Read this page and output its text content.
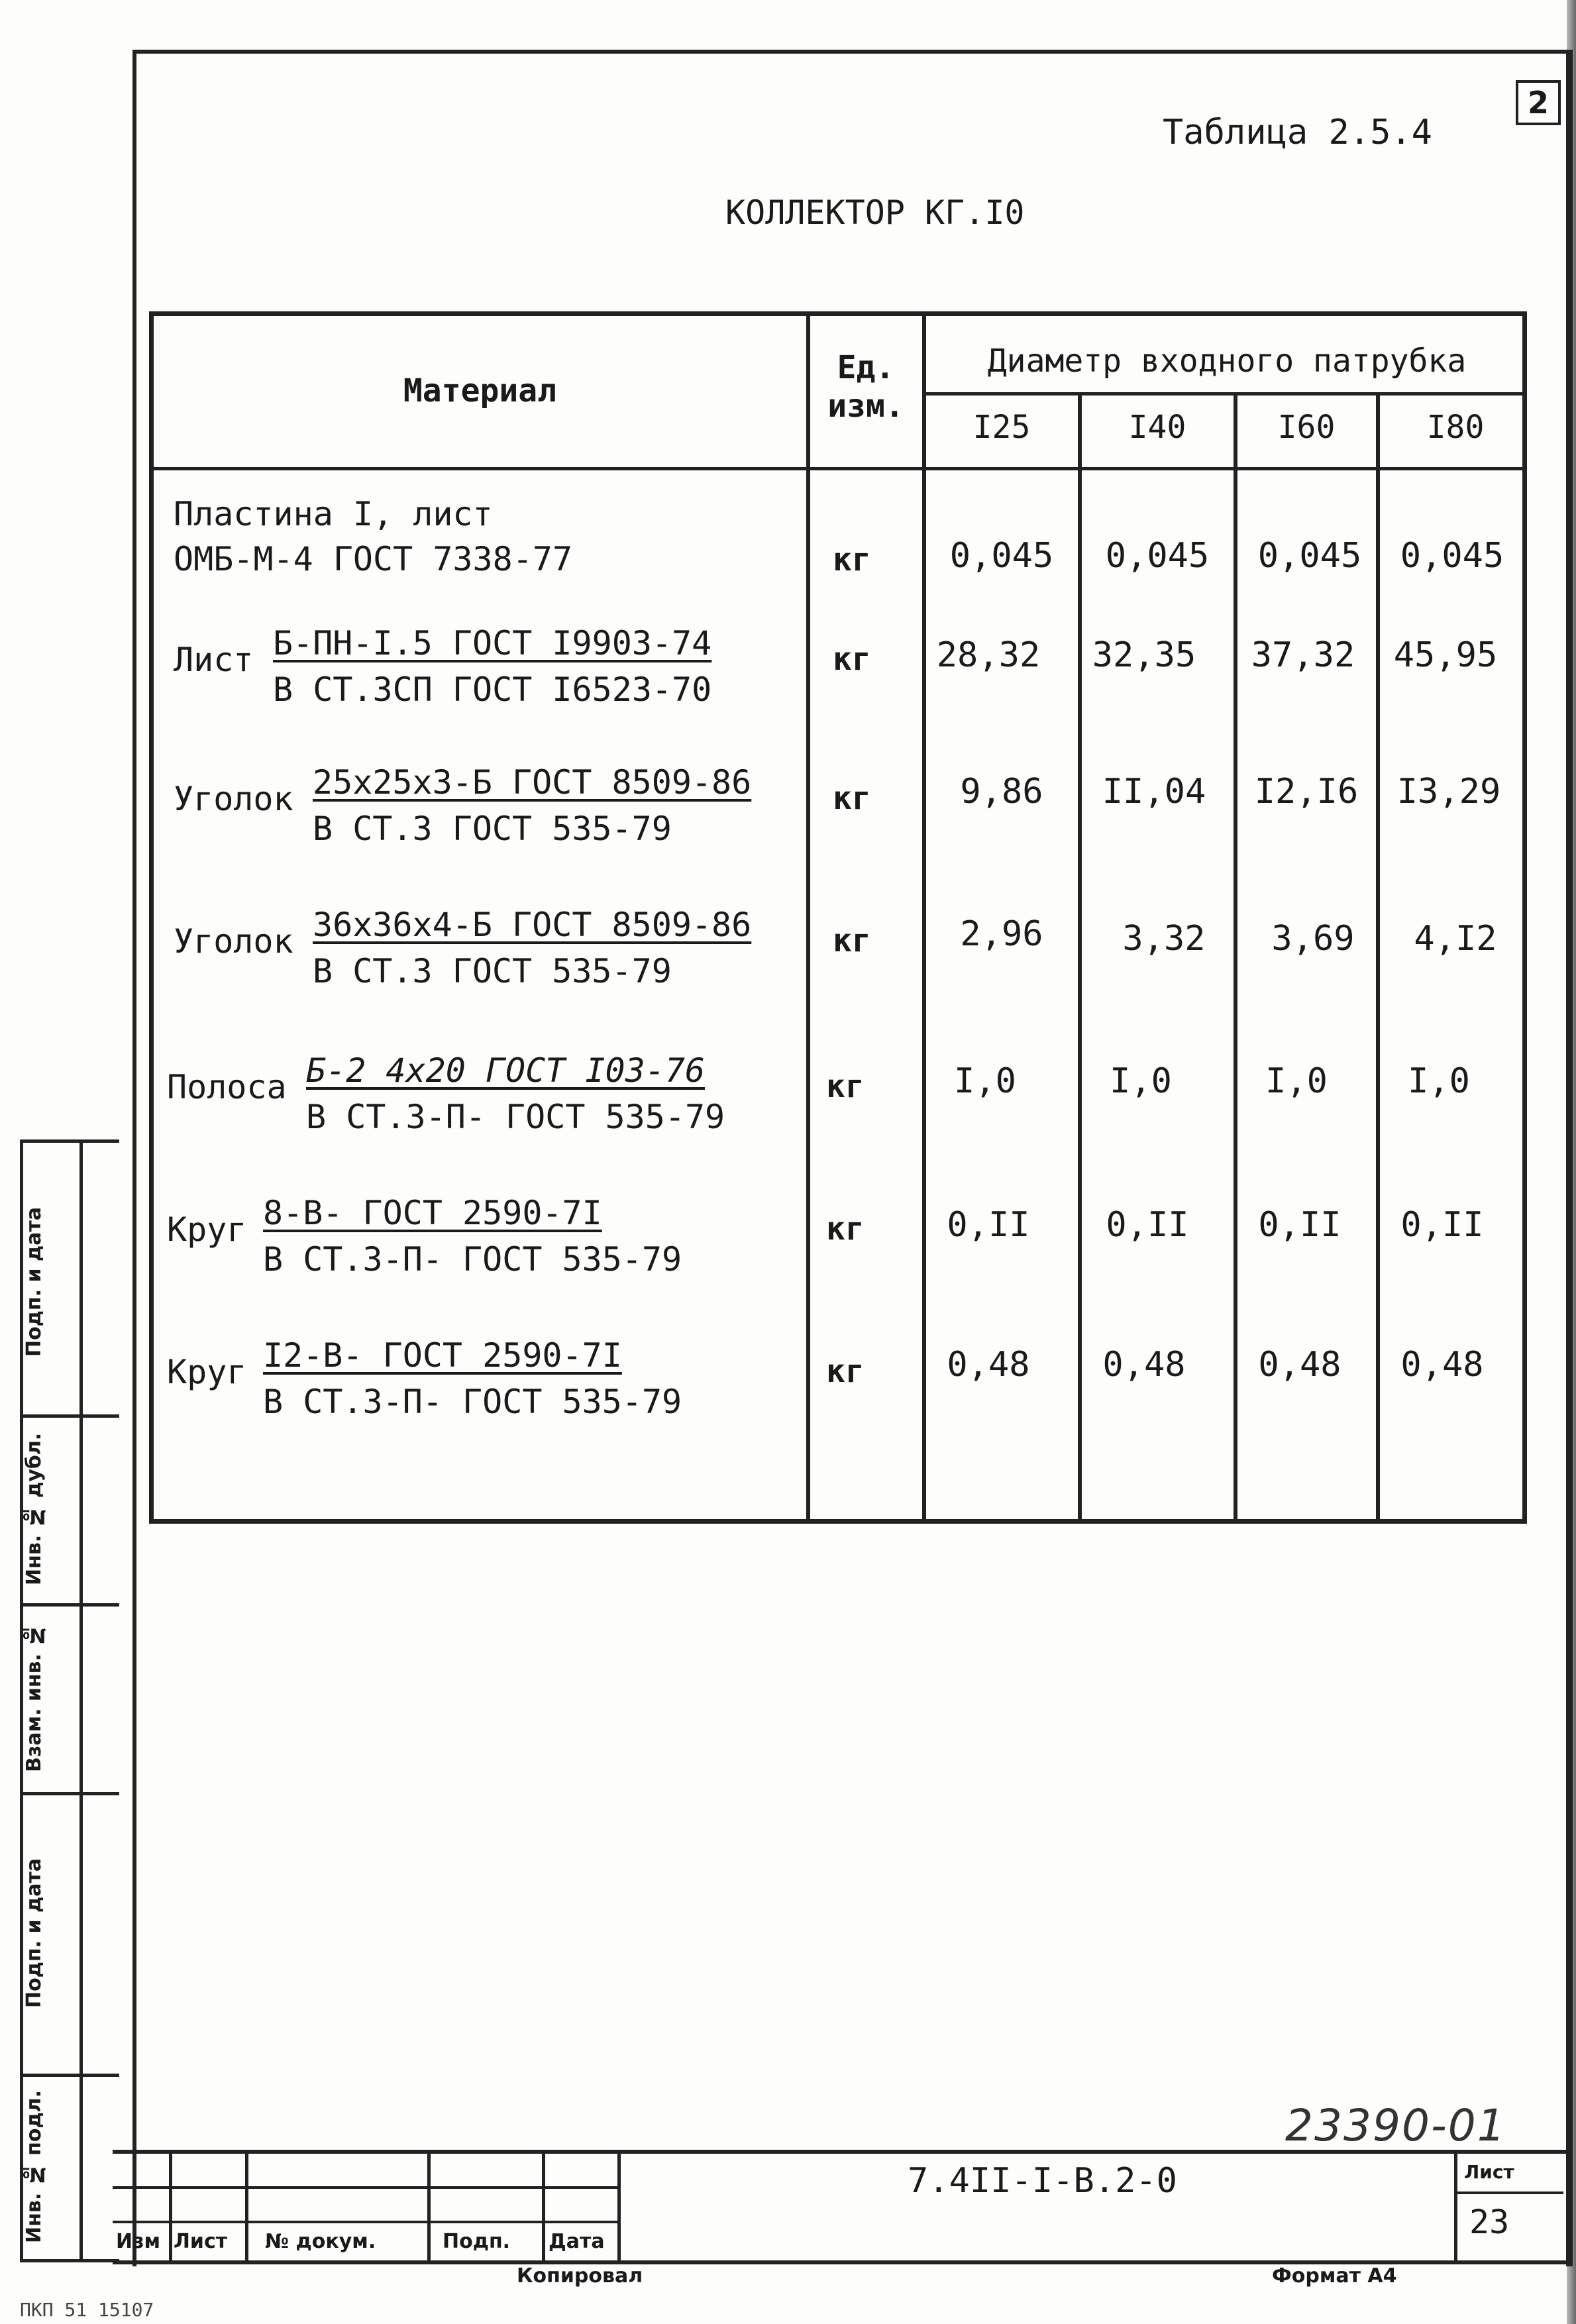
2
Таблица 2.5.4
КОЛЛЕКТОР КГ.I0
Материал
Ед.
изм.
Диаметр входного патрубка
I25	I40	I60	I80
Пластина I, лист
ОМБ-М-4 ГОСТ 7338-77	кг	0,045	0,045	0,045	0,045
Лист Б-ПН-I.5 ГОСТ I9903-74
В СТ.3СП ГОСТ I6523-70
кг	28,32	32,35	37,32	45,95
Уголок 25х25х3-Б ГОСТ 8509-86
В СТ.3 ГОСТ 535-79
кг	9,86	II,04	I2,I6	I3,29
Уголок 36х36х4-Б ГОСТ 8509-86
В СТ.3 ГОСТ 535-79
кг	2,96	3,32	3,69	4,I2
Полоса Б-2 4х20 ГОСТ I03-76
В СТ.3-П- ГОСТ 535-79
кг	I,0	I,0	I,0	I,0
Круг 8-В- ГОСТ 2590-7I
В СТ.3-П- ГОСТ 535-79
кг	0,II	0,II	0,II	0,II
Круг I2-В- ГОСТ 2590-7I
В СТ.3-П- ГОСТ 535-79
кг	0,48	0,48	0,48	0,48
Подп. и дата
Инв. № дубл.
Взам. инв. №
Подп. и дата
Инв. № подл.	23390-01
Изм Лист № докум.	Подп. Дата
7.4II-I-В.2-0	Лист
23
Копировал	Формат А4
ПКП 51 15107
